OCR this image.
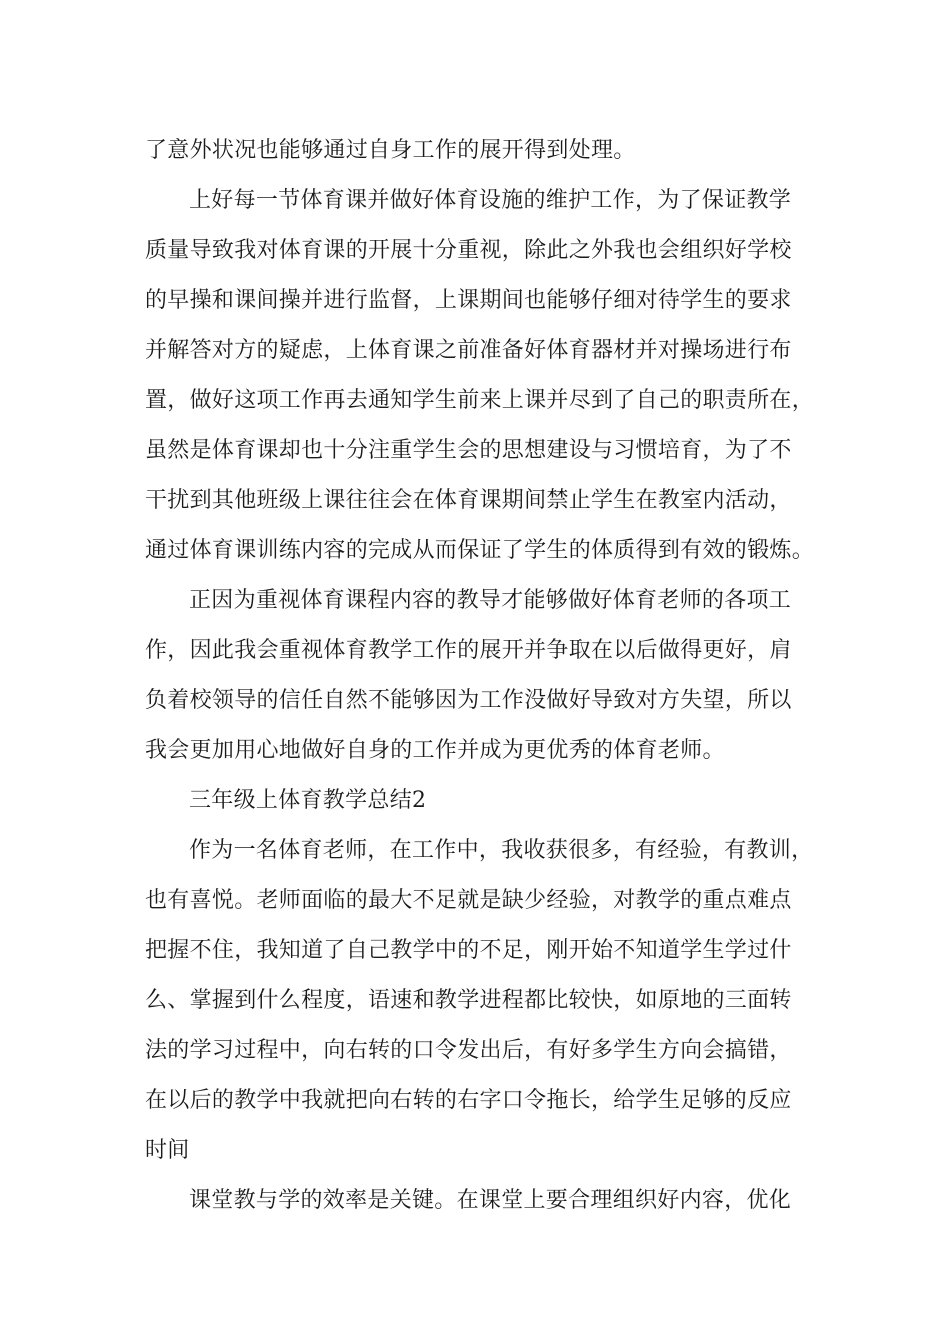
了意外状况也能够通过自身工作的展开得到处理。
上好每一节体育课并做好体育设施的维护工作，为了保证教学
质量导致我对体育课的开展十分重视，除此之外我也会组织好学校
的早操和课间操并进行监督，上课期间也能够仔细对待学生的要求
并解答对方的疑虑，上体育课之前准备好体育器材并对操场进行布
置，做好这项工作再去通知学生前来上课并尽到了自己的职责所在，
虽然是体育课却也十分注重学生会的思想建设与习惯培育，为了不
干扰到其他班级上课往往会在体育课期间禁止学生在教室内活动，
通过体育课训练内容的完成从而保证了学生的体质得到有效的锻炼。
正因为重视体育课程内容的教导才能够做好体育老师的各项工
作，因此我会重视体育教学工作的展开并争取在以后做得更好，肩
负着校领导的信任自然不能够因为工作没做好导致对方失望，所以
我会更加用心地做好自身的工作并成为更优秀的体育老师。
三年级上体育教学总结2
作为一名体育老师，在工作中，我收获很多，有经验，有教训，
也有喜悦。老师面临的最大不足就是缺少经验，对教学的重点难点
把握不住，我知道了自己教学中的不足，刚开始不知道学生学过什
么、掌握到什么程度，语速和教学进程都比较快，如原地的三面转
法的学习过程中，向右转的口令发出后，有好多学生方向会搞错，
在以后的教学中我就把向右转的右字口令拖长，给学生足够的反应
时间
课堂教与学的效率是关键。在课堂上要合理组织好内容，优化
